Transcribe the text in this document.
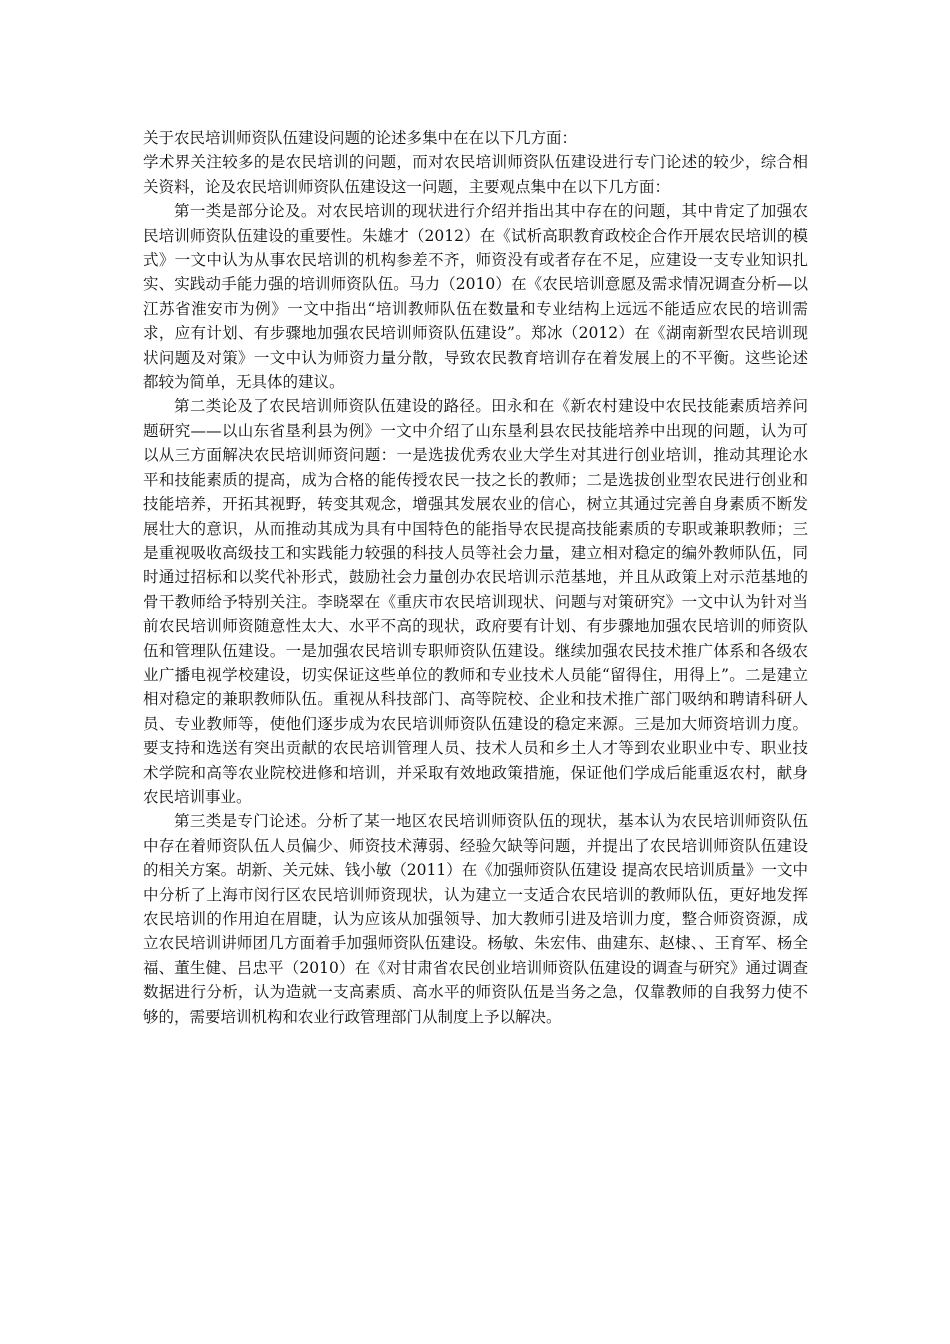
关于农民培训师资队伍建设问题的论述多集中在在以下几方面：

学术界关注较多的是农民培训的问题，而对农民培训师资队伍建设进行专门论述的较少，综合相关资料，论及农民培训师资队伍建设这一问题，主要观点集中在以下几方面：

第一类是部分论及。对农民培训的现状进行介绍并指出其中存在的问题，其中肯定了加强农民培训师资队伍建设的重要性。朱雄才（2012）在《试析高职教育政校企合作开展农民培训的模式》一文中认为从事农民培训的机构参差不齐，师资没有或者存在不足，应建设一支专业知识扎实、实践动手能力强的培训师资队伍。马力（2010）在《农民培训意愿及需求情况调查分析—以江苏省淮安市为例》一文中指出“培训教师队伍在数量和专业结构上远远不能适应农民的培训需求，应有计划、有步骤地加强农民培训师资队伍建设”。郑冰（2012）在《湖南新型农民培训现状问题及对策》一文中认为师资力量分散，导致农民教育培训存在着发展上的不平衡。这些论述都较为简单，无具体的建议。

第二类论及了农民培训师资队伍建设的路径。田永和在《新农村建设中农民技能素质培养问题研究——以山东省垦利县为例》一文中介绍了山东垦利县农民技能培养中出现的问题，认为可以从三方面解决农民培训师资问题：一是选拔优秀农业大学生对其进行创业培训，推动其理论水平和技能素质的提高，成为合格的能传授农民一技之长的教师；二是选拔创业型农民进行创业和技能培养，开拓其视野，转变其观念，增强其发展农业的信心，树立其通过完善自身素质不断发展壮大的意识，从而推动其成为具有中国特色的能指导农民提高技能素质的专职或兼职教师；三是重视吸收高级技工和实践能力较强的科技人员等社会力量，建立相对稳定的编外教师队伍，同时通过招标和以奖代补形式，鼓励社会力量创办农民培训示范基地，并且从政策上对示范基地的骨干教师给予特别关注。李晓翠在《重庆市农民培训现状、问题与对策研究》一文中认为针对当前农民培训师资随意性太大、水平不高的现状，政府要有计划、有步骤地加强农民培训的师资队伍和管理队伍建设。一是加强农民培训专职师资队伍建设。继续加强农民技术推广体系和各级农业广播电视学校建设，切实保证这些单位的教师和专业技术人员能“留得住，用得上”。二是建立相对稳定的兼职教师队伍。重视从科技部门、高等院校、企业和技术推广部门吸纳和聘请科研人员、专业教师等，使他们逐步成为农民培训师资队伍建设的稳定来源。三是加大师资培训力度。要支持和选送有突出贡献的农民培训管理人员、技术人员和乡土人才等到农业职业中专、职业技术学院和高等农业院校进修和培训，并采取有效地政策措施，保证他们学成后能重返农村，献身农民培训事业。

第三类是专门论述。分析了某一地区农民培训师资队伍的现状，基本认为农民培训师资队伍中存在着师资队伍人员偏少、师资技术薄弱、经验欠缺等问题，并提出了农民培训师资队伍建设的相关方案。胡新、关元妹、钱小敏（2011）在《加强师资队伍建设 提高农民培训质量》一文中中分析了上海市闵行区农民培训师资现状，认为建立一支适合农民培训的教师队伍，更好地发挥农民培训的作用迫在眉睫，认为应该从加强领导、加大教师引进及培训力度，整合师资资源，成立农民培训讲师团几方面着手加强师资队伍建设。杨敏、朱宏伟、曲建东、赵棣、、王育军、杨全福、董生健、吕忠平（2010）在《对甘肃省农民创业培训师资队伍建设的调查与研究》通过调查数据进行分析，认为造就一支高素质、高水平的师资队伍是当务之急，仅靠教师的自我努力使不够的，需要培训机构和农业行政管理部门从制度上予以解决。
